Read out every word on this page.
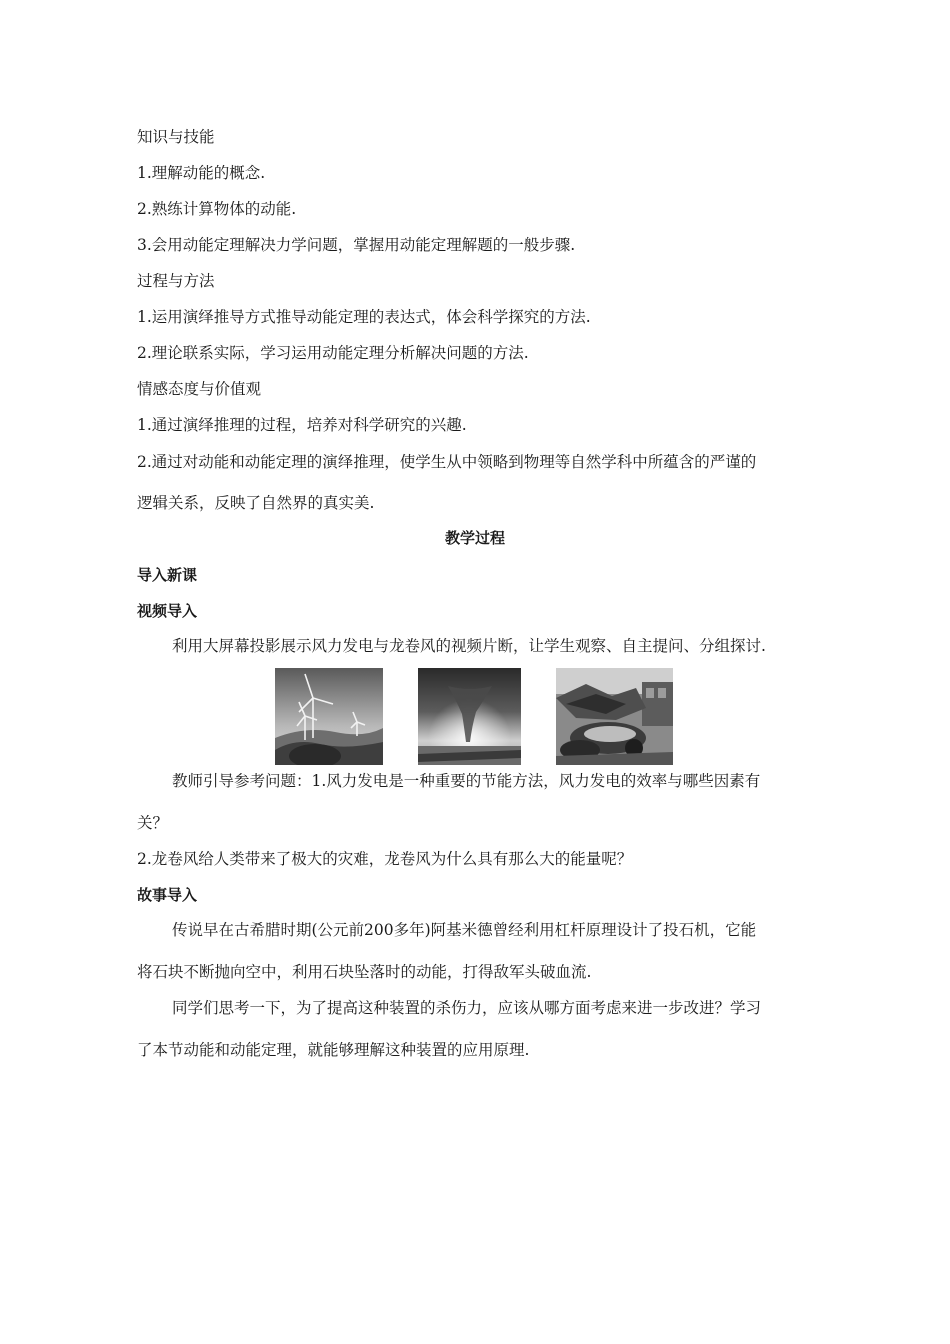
知识与技能
1.理解动能的概念.
2.熟练计算物体的动能.
3.会用动能定理解决力学问题，掌握用动能定理解题的一般步骤.
过程与方法
1.运用演绎推导方式推导动能定理的表达式，体会科学探究的方法.
2.理论联系实际，学习运用动能定理分析解决问题的方法.
情感态度与价值观
1.通过演绎推理的过程，培养对科学研究的兴趣.
2.通过对动能和动能定理的演绎推理，使学生从中领略到物理等自然学科中所蕴含的严谨的
逻辑关系，反映了自然界的真实美.
教学过程
导入新课
视频导入
利用大屏幕投影展示风力发电与龙卷风的视频片断，让学生观察、自主提问、分组探讨.
教师引导参考问题：1.风力发电是一种重要的节能方法，风力发电的效率与哪些因素有
关？
2.龙卷风给人类带来了极大的灾难，龙卷风为什么具有那么大的能量呢？
故事导入
传说早在古希腊时期(公元前200多年)阿基米德曾经利用杠杆原理设计了投石机，它能
将石块不断抛向空中，利用石块坠落时的动能，打得敌军头破血流.
同学们思考一下，为了提高这种装置的杀伤力，应该从哪方面考虑来进一步改进？学习
了本节动能和动能定理，就能够理解这种装置的应用原理.
